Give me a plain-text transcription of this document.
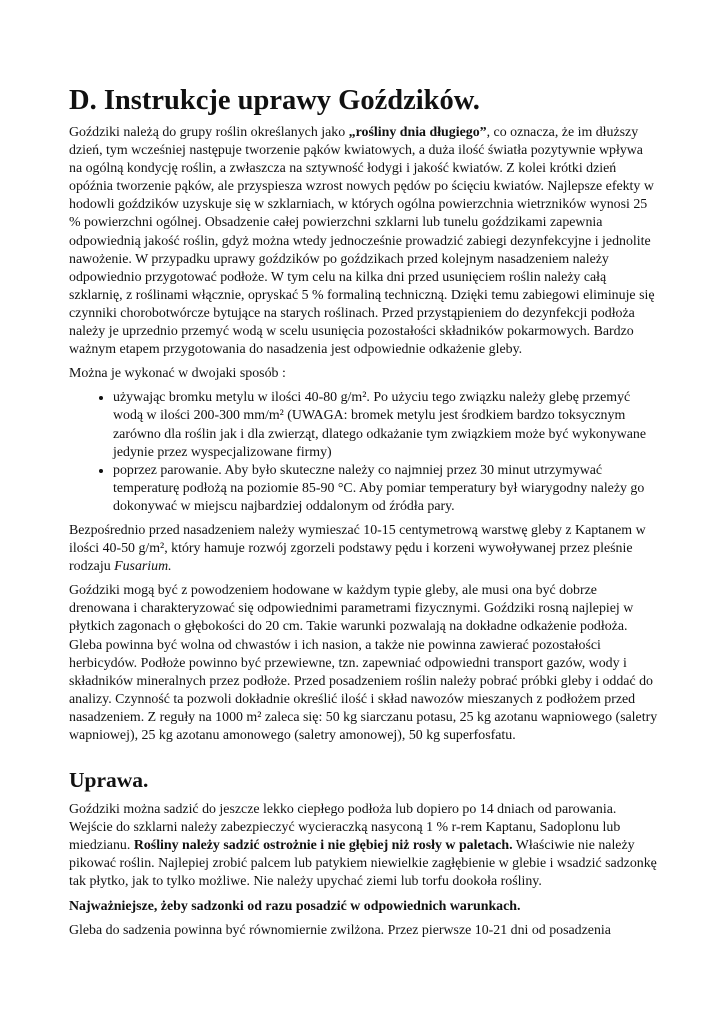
D. Instrukcje uprawy Goździków.

Goździki należą do grupy roślin określanych jako „rośliny dnia długiego”, co oznacza, że im dłuższy dzień, tym wcześniej następuje tworzenie pąków kwiatowych, a duża ilość światła pozytywnie wpływa na ogólną kondycję roślin, a zwłaszcza na sztywność łodygi i jakość kwiatów. Z kolei krótki dzień opóźnia tworzenie pąków, ale przyspiesza wzrost nowych pędów po ścięciu kwiatów. Najlepsze efekty w hodowli goździków uzyskuje się w szklarniach, w których ogólna powierzchnia wietrzników wynosi 25 % powierzchni ogólnej. Obsadzenie całej powierzchni szklarni lub tunelu goździkami zapewnia odpowiednią jakość roślin, gdyż można wtedy jednocześnie prowadzić zabiegi dezynfekcyjne i jednolite nawożenie. W przypadku uprawy goździków po goździkach przed kolejnym nasadzeniem należy odpowiednio przygotować podłoże. W tym celu na kilka dni przed usunięciem roślin należy całą szklarnię, z roślinami włącznie, opryskać 5 % formaliną techniczną. Dzięki temu zabiegowi eliminuje się czynniki chorobotwórcze bytujące na starych roślinach. Przed przystąpieniem do dezynfekcji podłoża należy je uprzednio przemyć wodą w scelu usunięcia pozostałości składników pokarmowych. Bardzo ważnym etapem przygotowania do nasadzenia jest odpowiednie odkażenie gleby.

Można je wykonać w dwojaki sposób :

• używając bromku metylu w ilości 40-80 g/m². Po użyciu tego związku należy glebę przemyć wodą w ilości 200-300 mm/m² (UWAGA: bromek metylu jest środkiem bardzo toksycznym zarówno dla roślin jak i dla zwierząt, dlatego odkażanie tym związkiem może być wykonywane jedynie przez wyspecjalizowane firmy)
• poprzez parowanie. Aby było skuteczne należy co najmniej przez 30 minut utrzymywać temperaturę podłożą na poziomie 85-90 °C. Aby pomiar temperatury był wiarygodny należy go dokonywać w miejscu najbardziej oddalonym od źródła pary.

Bezpośrednio przed nasadzeniem należy wymieszać 10-15 centymetrową warstwę gleby z Kaptanem w ilości 40-50 g/m², który hamuje rozwój zgorzeli podstawy pędu i korzeni wywoływanej przez pleśnie rodzaju Fusarium.

Goździki mogą być z powodzeniem hodowane w każdym typie gleby, ale musi ona być dobrze drenowana i charakteryzować się odpowiednimi parametrami fizycznymi. Goździki rosną najlepiej w płytkich zagonach o głębokości do 20 cm. Takie warunki pozwalają na dokładne odkażenie podłoża. Gleba powinna być wolna od chwastów i ich nasion, a także nie powinna zawierać pozostałości herbicydów. Podłoże powinno być przewiewne, tzn. zapewniać odpowiedni transport gazów, wody i składników mineralnych przez podłoże. Przed posadzeniem roślin należy pobrać próbki gleby i oddać do analizy. Czynność ta pozwoli dokładnie określić ilość i skład nawozów mieszanych z podłożem przed nasadzeniem. Z reguły na 1000 m² zaleca się: 50 kg siarczanu potasu, 25 kg azotanu wapniowego (saletry wapniowej), 25 kg azotanu amonowego (saletry amonowej), 50 kg superfosfatu.

Uprawa.

Goździki można sadzić do jeszcze lekko ciepłego podłoża lub dopiero po 14 dniach od parowania. Wejście do szklarni należy zabezpieczyć wycieraczką nasyconą 1 % r-rem Kaptanu, Sadoplonu lub miedzianu. Rośliny należy sadzić ostrożnie i nie głębiej niż rosły w paletach. Właściwie nie należy pikować roślin. Najlepiej zrobić palcem lub patykiem niewielkie zagłębienie w glebie i wsadzić sadzonkę tak płytko, jak to tylko możliwe. Nie należy upychać ziemi lub torfu dookoła rośliny.

Najważniejsze, żeby sadzonki od razu posadzić w odpowiednich warunkach.

Gleba do sadzenia powinna być równomiernie zwilżona. Przez pierwsze 10-21 dni od posadzenia
